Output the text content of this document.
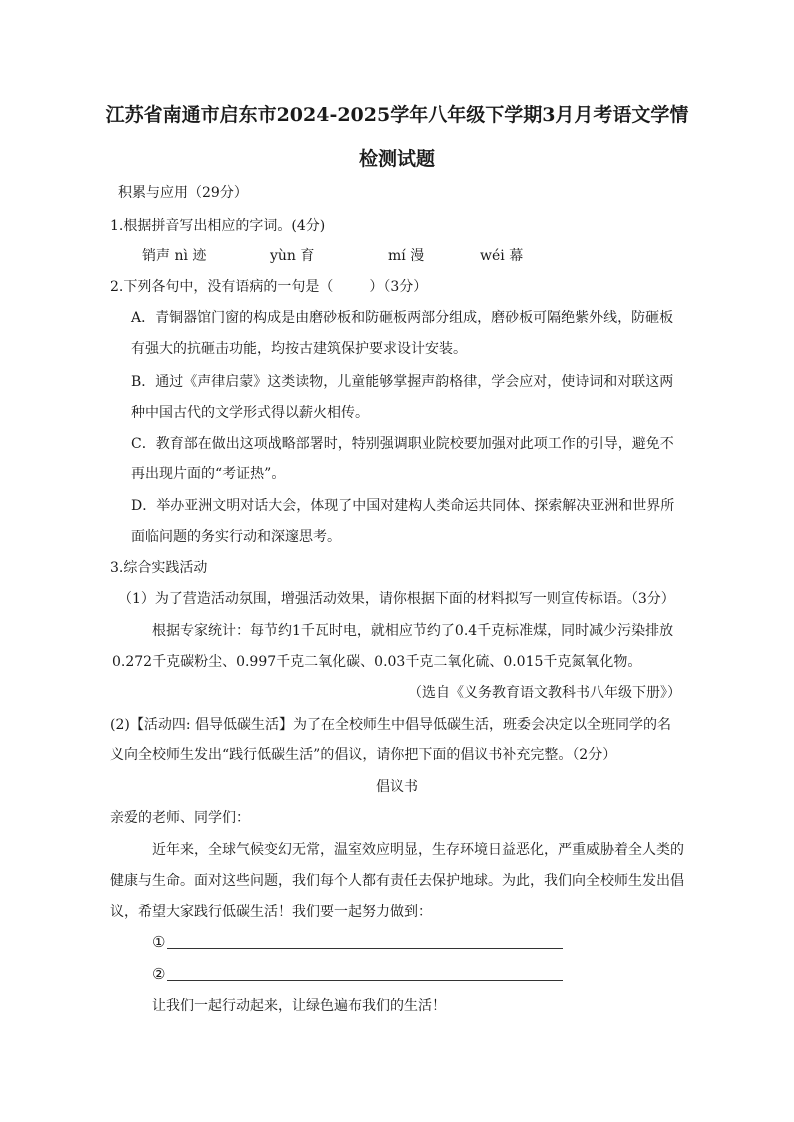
江苏省南通市启东市2024-2025学年八年级下学期3月月考语文学情
检测试题
积累与应用（29分）
1.根据拼音写出相应的字词。(4分)
销声 nì 迹	yùn 育	mí 漫	wéi 幕
2.下列各句中，没有语病的一句是（	）（3分）
A．青铜器馆门窗的构成是由磨砂板和防砸板两部分组成，磨砂板可隔绝紫外线，防砸板
有强大的抗砸击功能，均按古建筑保护要求设计安装。
B．通过《声律启蒙》这类读物，儿童能够掌握声韵格律，学会应对，使诗词和对联这两
种中国古代的文学形式得以薪火相传。
C．教育部在做出这项战略部署时，特别强调职业院校要加强对此项工作的引导，避免不
再出现片面的“考证热”。
D．举办亚洲文明对话大会，体现了中国对建构人类命运共同体、探索解决亚洲和世界所
面临问题的务实行动和深邃思考。
3.综合实践活动
（1）为了营造活动氛围，增强活动效果，请你根据下面的材料拟写一则宣传标语。（3分）
根据专家统计：每节约1千瓦时电，就相应节约了0.4千克标准煤，同时减少污染排放
0.272千克碳粉尘、0.997千克二氧化碳、0.03千克二氧化硫、0.015千克氮氧化物。
（选自《义务教育语文教科书八年级下册》）
(2)【活动四: 倡导低碳生活】为了在全校师生中倡导低碳生活，班委会决定以全班同学的名
义向全校师生发出“践行低碳生活”的倡议，请你把下面的倡议书补充完整。（2分）
倡议书
亲爱的老师、同学们：
近年来，全球气候变幻无常，温室效应明显，生存环境日益恶化，严重威胁着全人类的
健康与生命。面对这些问题，我们每个人都有责任去保护地球。为此，我们向全校师生发出倡
议，希望大家践行低碳生活！我们要一起努力做到：
①
②
让我们一起行动起来，让绿色遍布我们的生活！
